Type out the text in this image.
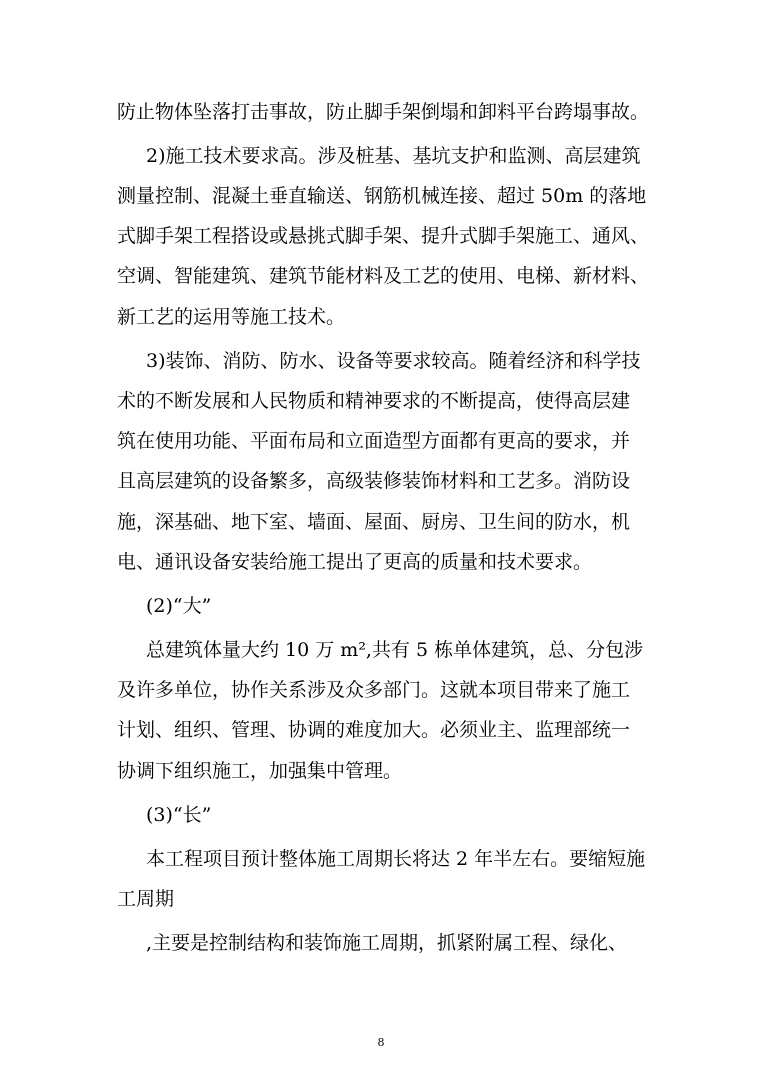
防止物体坠落打击事故，防止脚手架倒塌和卸料平台跨塌事故。
2)施工技术要求高。涉及桩基、基坑支护和监测、高层建筑
测量控制、混凝土垂直输送、钢筋机械连接、超过 50m 的落地
式脚手架工程搭设或悬挑式脚手架、提升式脚手架施工、通风、
空调、智能建筑、建筑节能材料及工艺的使用、电梯、新材料、
新工艺的运用等施工技术。
3)装饰、消防、防水、设备等要求较高。随着经济和科学技
术的不断发展和人民物质和精神要求的不断提高，使得高层建
筑在使用功能、平面布局和立面造型方面都有更高的要求，并
且高层建筑的设备繁多，高级装修装饰材料和工艺多。消防设
施，深基础、地下室、墙面、屋面、厨房、卫生间的防水，机
电、通讯设备安装给施工提出了更高的质量和技术要求。
(2)“大”
总建筑体量大约 10 万 m²,共有 5 栋单体建筑，总、分包涉
及许多单位，协作关系涉及众多部门。这就本项目带来了施工
计划、组织、管理、协调的难度加大。必须业主、监理部统一
协调下组织施工，加强集中管理。
(3)“长”
本工程项目预计整体施工周期长将达 2 年半左右。要缩短施
工周期
,主要是控制结构和装饰施工周期，抓紧附属工程、绿化、
8
